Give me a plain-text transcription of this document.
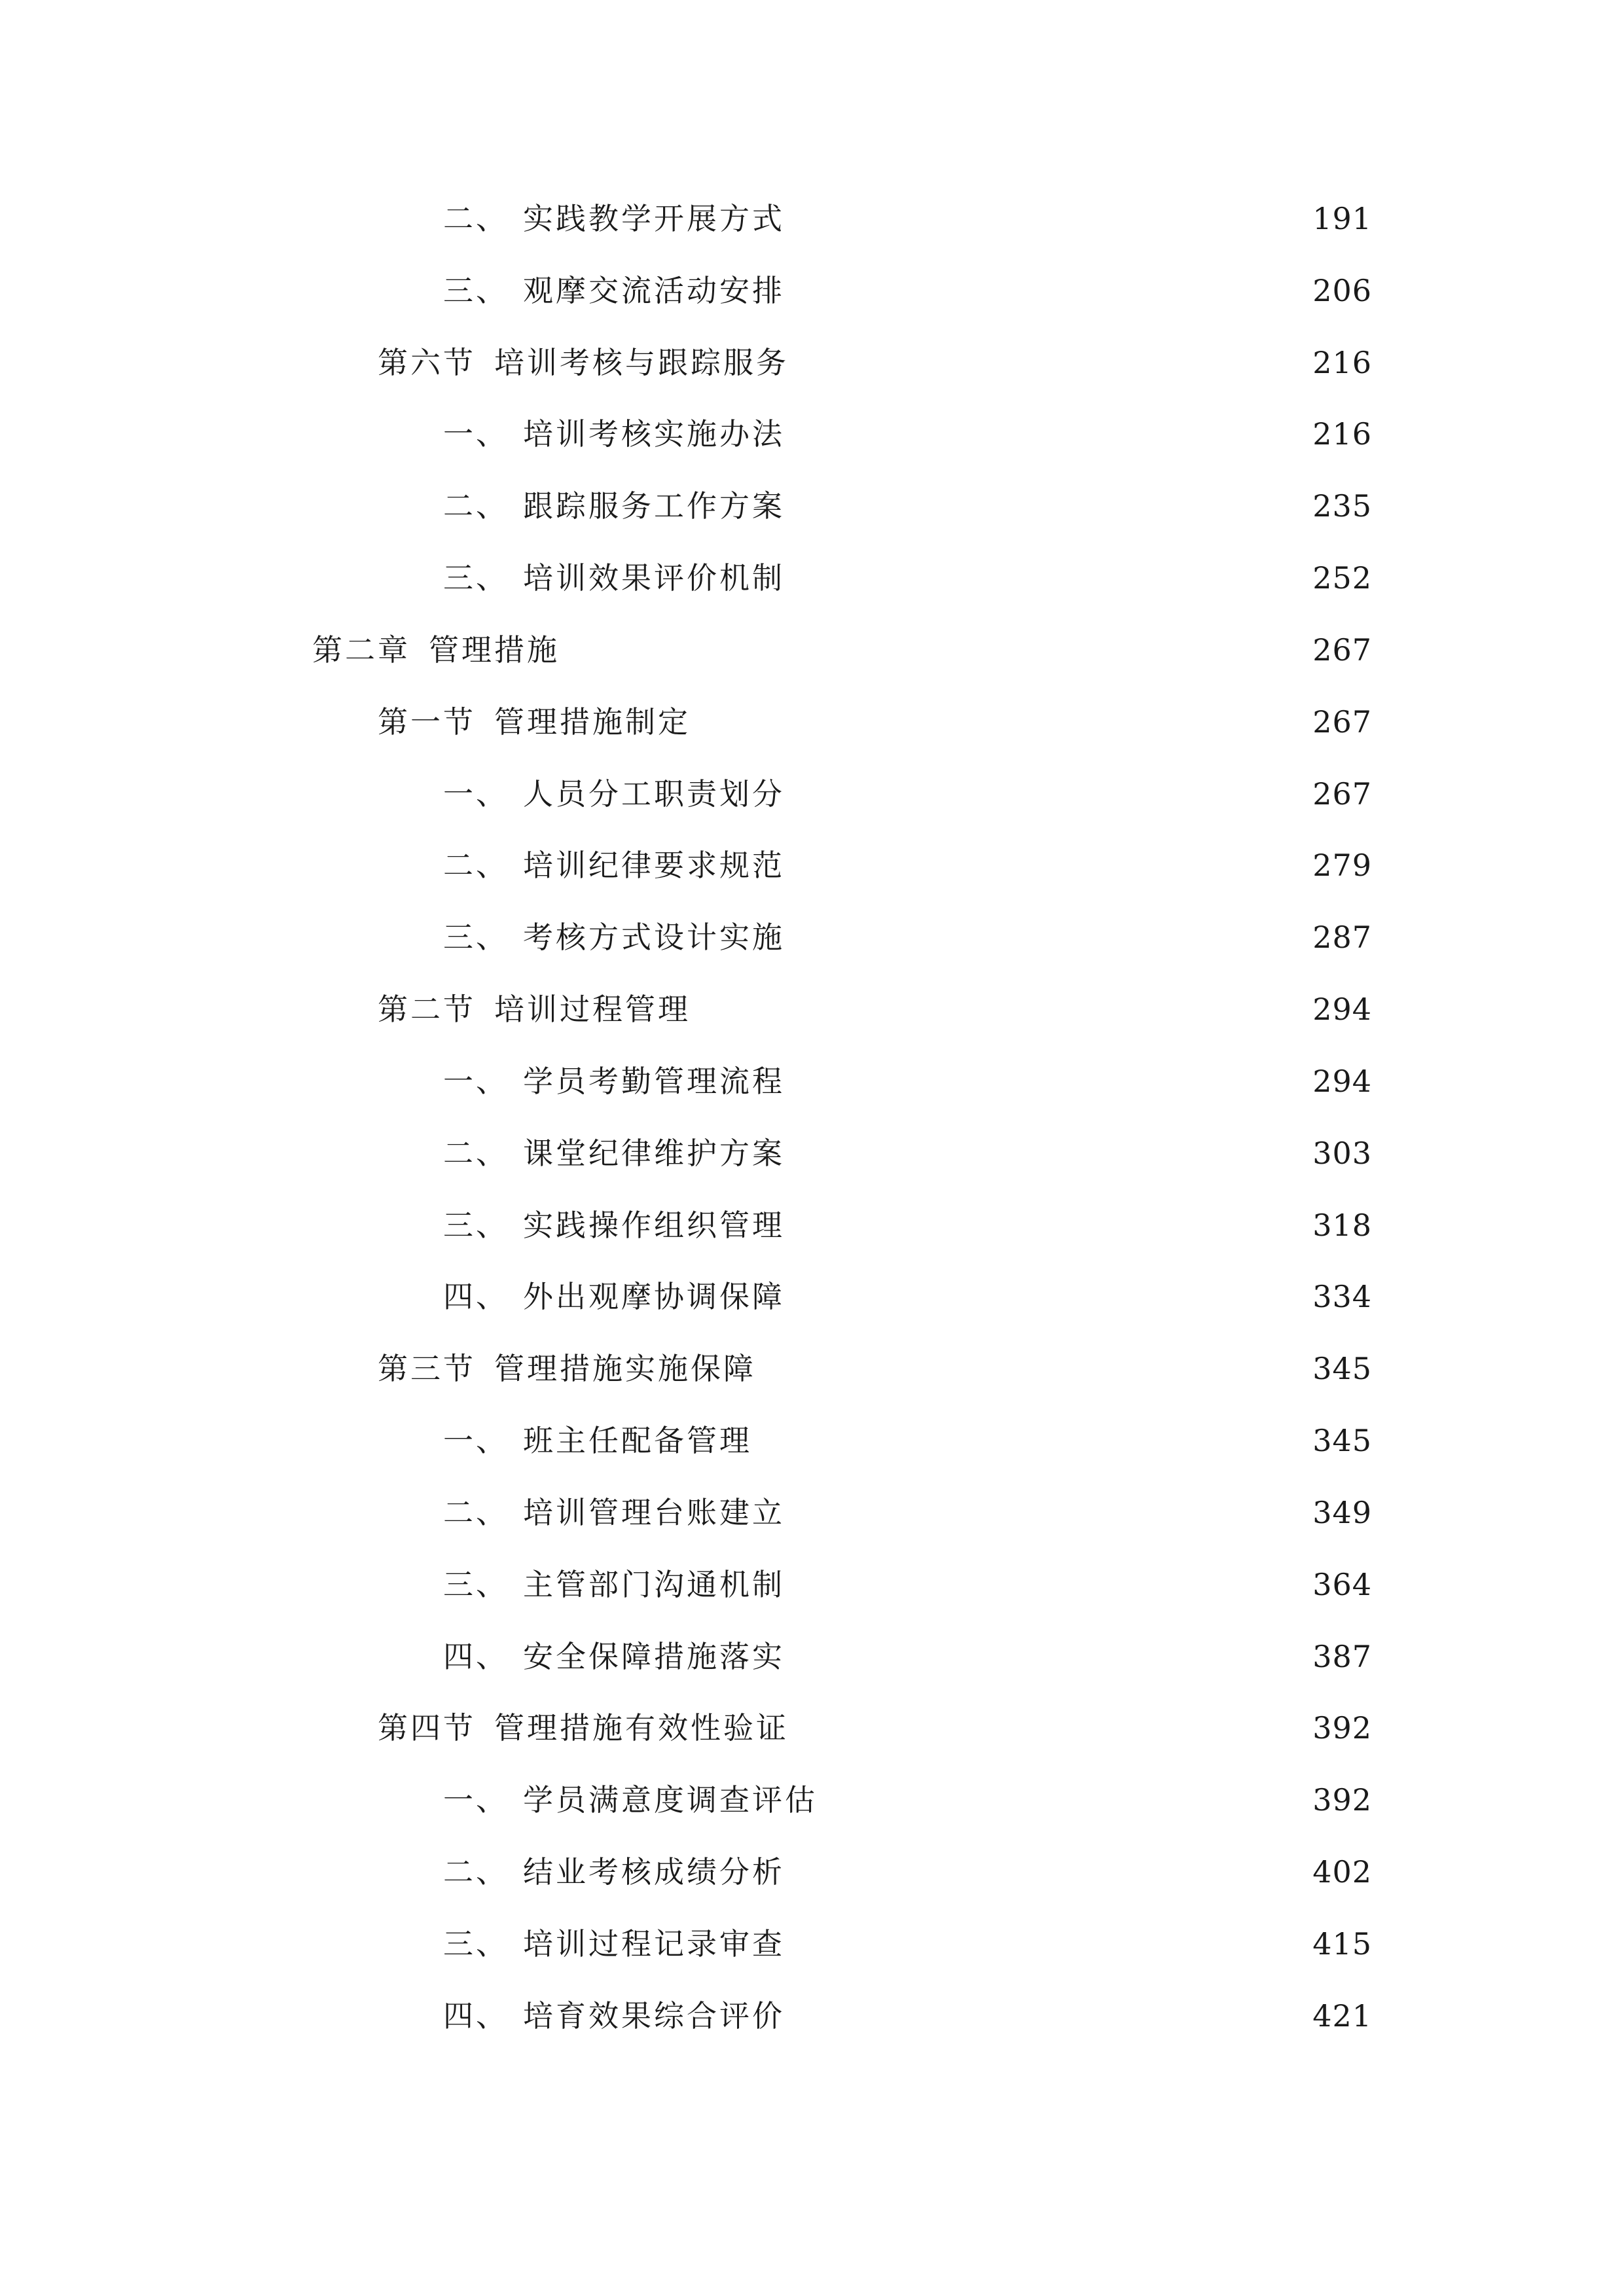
二、 实践教学开展方式	191
三、 观摩交流活动安排	206
第六节 培训考核与跟踪服务	216
一、 培训考核实施办法	216
二、 跟踪服务工作方案	235
三、 培训效果评价机制	252
第二章 管理措施	267
第一节 管理措施制定	267
一、 人员分工职责划分	267
二、 培训纪律要求规范	279
三、 考核方式设计实施	287
第二节 培训过程管理	294
一、 学员考勤管理流程	294
二、 课堂纪律维护方案	303
三、 实践操作组织管理	318
四、 外出观摩协调保障	334
第三节 管理措施实施保障	345
一、 班主任配备管理	345
二、 培训管理台账建立	349
三、 主管部门沟通机制	364
四、 安全保障措施落实	387
第四节 管理措施有效性验证	392
一、 学员满意度调查评估	392
二、 结业考核成绩分析	402
三、 培训过程记录审查	415
四、 培育效果综合评价	421
